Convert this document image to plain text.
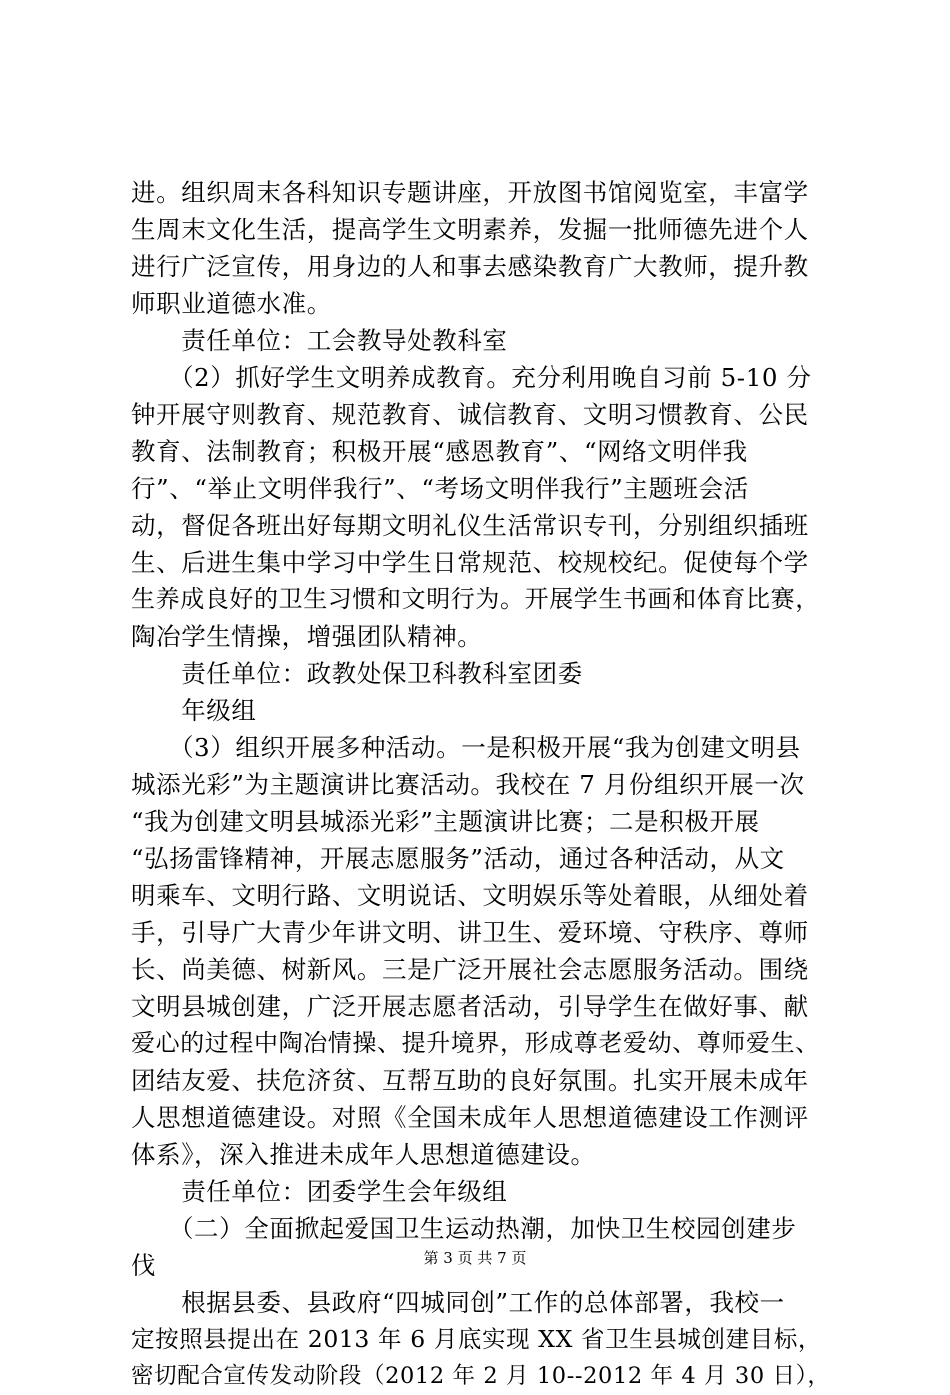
进。组织周末各科知识专题讲座，开放图书馆阅览室，丰富学
生周末文化生活，提高学生文明素养，发掘一批师德先进个人
进行广泛宣传，用身边的人和事去感染教育广大教师，提升教
师职业道德水准。
　　责任单位：工会教导处教科室
　　（2）抓好学生文明养成教育。充分利用晚自习前 5-10 分
钟开展守则教育、规范教育、诚信教育、文明习惯教育、公民
教育、法制教育；积极开展“感恩教育”、“网络文明伴我
行”、“举止文明伴我行”、“考场文明伴我行”主题班会活
动，督促各班出好每期文明礼仪生活常识专刊，分别组织插班
生、后进生集中学习中学生日常规范、校规校纪。促使每个学
生养成良好的卫生习惯和文明行为。开展学生书画和体育比赛，
陶冶学生情操，增强团队精神。
　　责任单位：政教处保卫科教科室团委
　　年级组
　　（3）组织开展多种活动。一是积极开展“我为创建文明县
城添光彩”为主题演讲比赛活动。我校在 7 月份组织开展一次
“我为创建文明县城添光彩”主题演讲比赛；二是积极开展
“弘扬雷锋精神，开展志愿服务”活动，通过各种活动，从文
明乘车、文明行路、文明说话、文明娱乐等处着眼，从细处着
手，引导广大青少年讲文明、讲卫生、爱环境、守秩序、尊师
长、尚美德、树新风。三是广泛开展社会志愿服务活动。围绕
文明县城创建，广泛开展志愿者活动，引导学生在做好事、献
爱心的过程中陶冶情操、提升境界，形成尊老爱幼、尊师爱生、
团结友爱、扶危济贫、互帮互助的良好氛围。扎实开展未成年
人思想道德建设。对照《全国未成年人思想道德建设工作测评
体系》，深入推进未成年人思想道德建设。
　　责任单位：团委学生会年级组
　　（二）全面掀起爱国卫生运动热潮，加快卫生校园创建步
伐
　　根据县委、县政府“四城同创”工作的总体部署，我校一
定按照县提出在 2013 年 6 月底实现 XX 省卫生县城创建目标，
密切配合宣传发动阶段（2012 年 2 月 10--2012 年 4 月 30 日），
第 3 页 共 7 页
